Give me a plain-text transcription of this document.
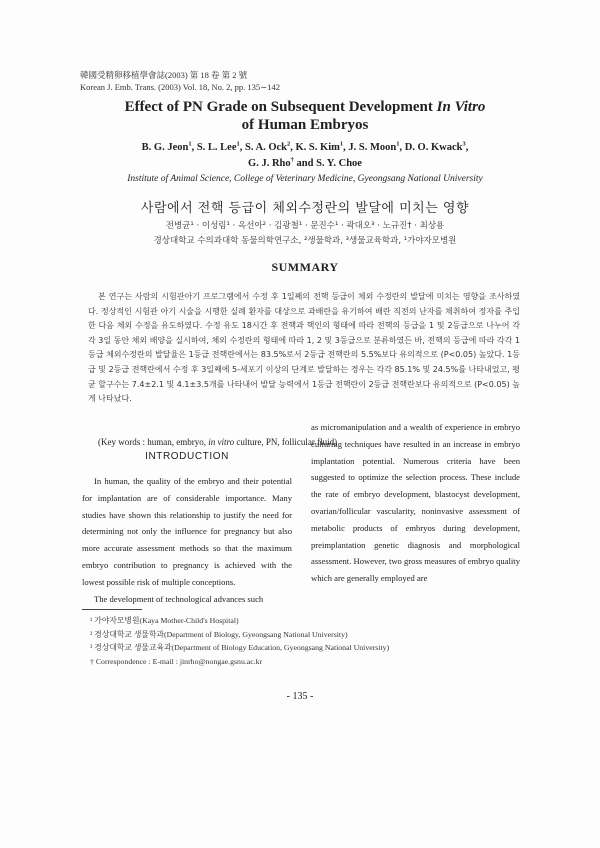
韓國受精卵移植學會誌(2003) 第 18 卷 第 2 號
Korean J. Emb. Trans. (2003) Vol. 18, No. 2, pp. 135∼142
Effect of PN Grade on Subsequent Development In Vitro
of Human Embryos
B. G. Jeon$^1$, S. L. Lee$^1$, S. A. Ock$^2$, K. S. Kim$^1$, J. S. Moon$^1$, D. O. Kwack$^3$,
G. J. Rho† and S. Y. Choe
Institute of Animal Science, College of Veterinary Medicine, Gyeongsang National University
사람에서 전핵 등급이 체외수정란의 발달에 미치는 영향
전병균¹ · 이성림¹ · 옥선아² · 김광철¹ · 문진수¹ · 곽대오³ · 노규진† · 최상용
경상대학교 수의과대학 동물의학연구소, ²생물학과, ³생물교육학과, ¹가야자모병원
SUMMARY

본 연구는 사람의 시험관아기 프로그램에서 수정 후 1일째의 전핵 등급이 체외 수정란의 발달에 미치는 영향을 조사하였다. 정상적인 시험관 아기 시술을 시행한 실례 환자를 대상으로 과배란을 유기하여 배란 직전의 난자를 채취하여 정자를 주입한 다음 체외 수정을 유도하였다. 수정 유도 18시간 후 전핵과 핵인의 형태에 따라 전핵의 등급을 1 및 2등급으로 나누어 각각 3일 동안 체외 배양을 실시하여, 체외 수정란의 형태에 따라 1, 2 및 3등급으로 분류하였든 바, 전핵의 등급에 따라 각각 1등급 체외수정란의 발달율은 1등급 전핵란에서는 83.5%로서 2등급 전핵란의 5.5%보다 유의적으로 (P<0.05) 높았다. 1등급 및 2등급 전핵란에서 수정 후 3일째에 5-세포기 이상의 단계로 발달하는 경우는 각각 85.1% 및 24.5%를 나타내었고, 평균 할구수는 7.4±2.1 및 4.1±3.5개를 나타내어 발달 능력에서 1등급 전핵란이 2등급 전핵란보다 유의적으로 (P<0.05) 높게 나타났다.

(Key words : human, embryo, in vitro culture, PN, follicular fluid)
INTRODUCTION

In human, the quality of the embryo and their potential for implantation are of considerable importance. Many studies have shown this relationship to justify the need for determining not only the influence for pregnancy but also more accurate assessment methods so that the maximum embryo contribution to pregnancy is achieved with the lowest possible risk of multiple conceptions.

The development of technological advances such

as micromanipulation and a wealth of experience in embryo culturing techniques have resulted in an increase in embryo implantation potential. Numerous criteria have been suggested to optimize the selection process. These include the rate of embryo development, blastocyst development, ovarian/follicular vascularity, noninvasive assessment of metabolic products of embryos during development, preimplantation genetic diagnosis and morphological assessment. However, two gross measures of embryo quality which are generally employed are

¹ 가야자모병원(Kaya Mother-Child's Hospital)
² 경상대학교 생물학과(Department of Biology, Gyeongsang National University)
³ 경상대학교 생물교육과(Department of Biology Education, Gyeongsang National University)
† Correspondence : E-mail : jinrho@nongae.gsnu.ac.kr
- 135 -
